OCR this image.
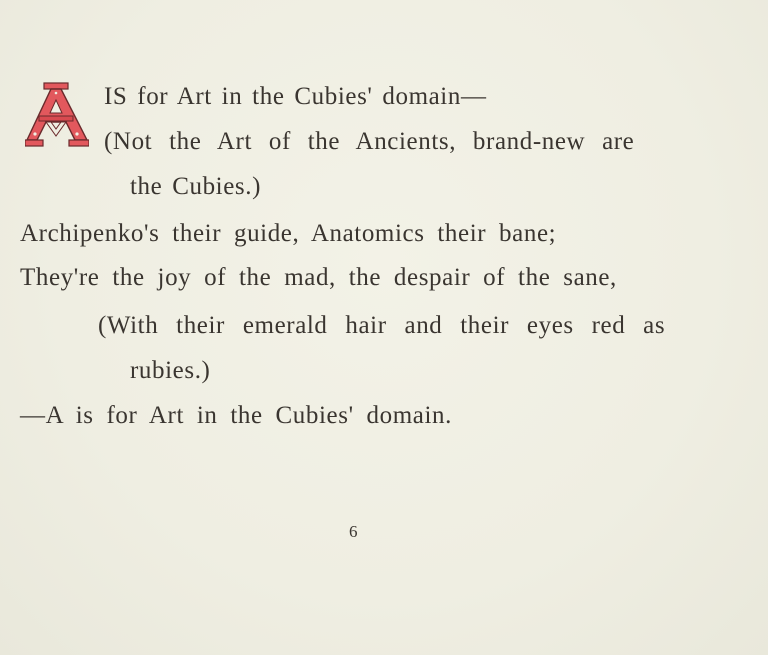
IS for Art in the Cubies' domain—
(Not the Art of the Ancients, brand-new are
the Cubies.)
Archipenko's their guide, Anatomics their bane;
They're the joy of the mad, the despair of the sane,
(With their emerald hair and their eyes red as
rubies.)
—A is for Art in the Cubies' domain.
6
